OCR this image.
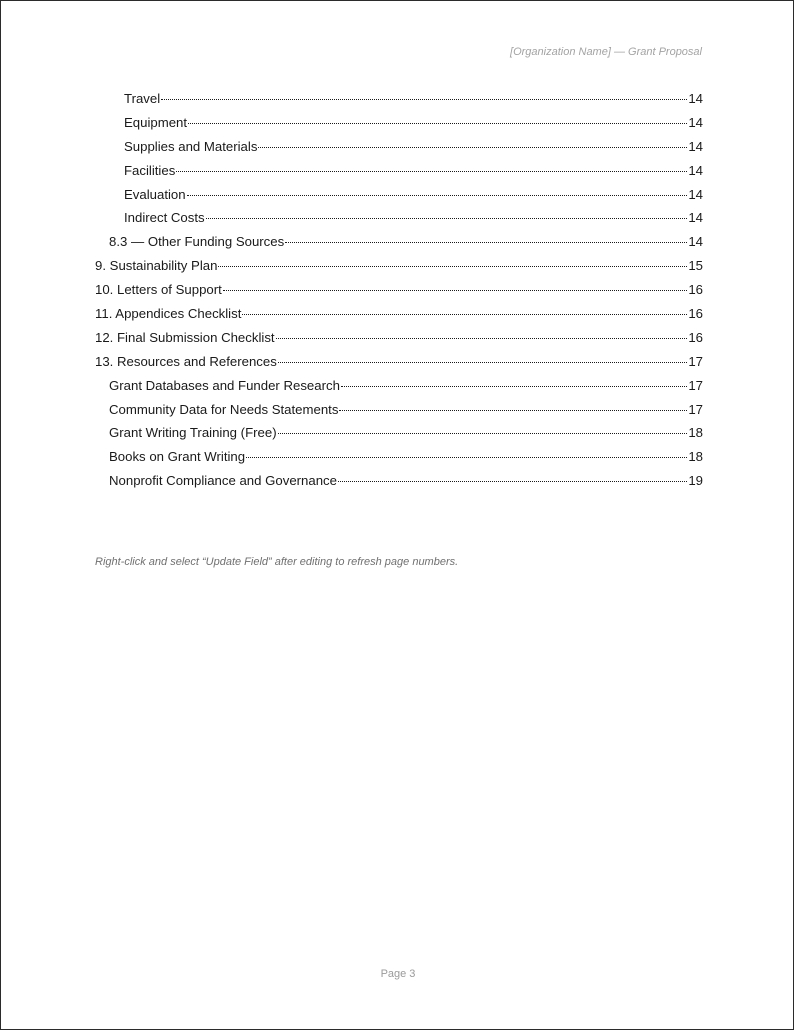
[Organization Name] — Grant Proposal
Travel	14
Equipment	14
Supplies and Materials	14
Facilities	14
Evaluation	14
Indirect Costs	14
8.3 — Other Funding Sources	14
9. Sustainability Plan	15
10. Letters of Support	16
11. Appendices Checklist	16
12. Final Submission Checklist	16
13. Resources and References	17
Grant Databases and Funder Research	17
Community Data for Needs Statements	17
Grant Writing Training (Free)	18
Books on Grant Writing	18
Nonprofit Compliance and Governance	19
Right-click and select “Update Field” after editing to refresh page numbers.
Page 3
